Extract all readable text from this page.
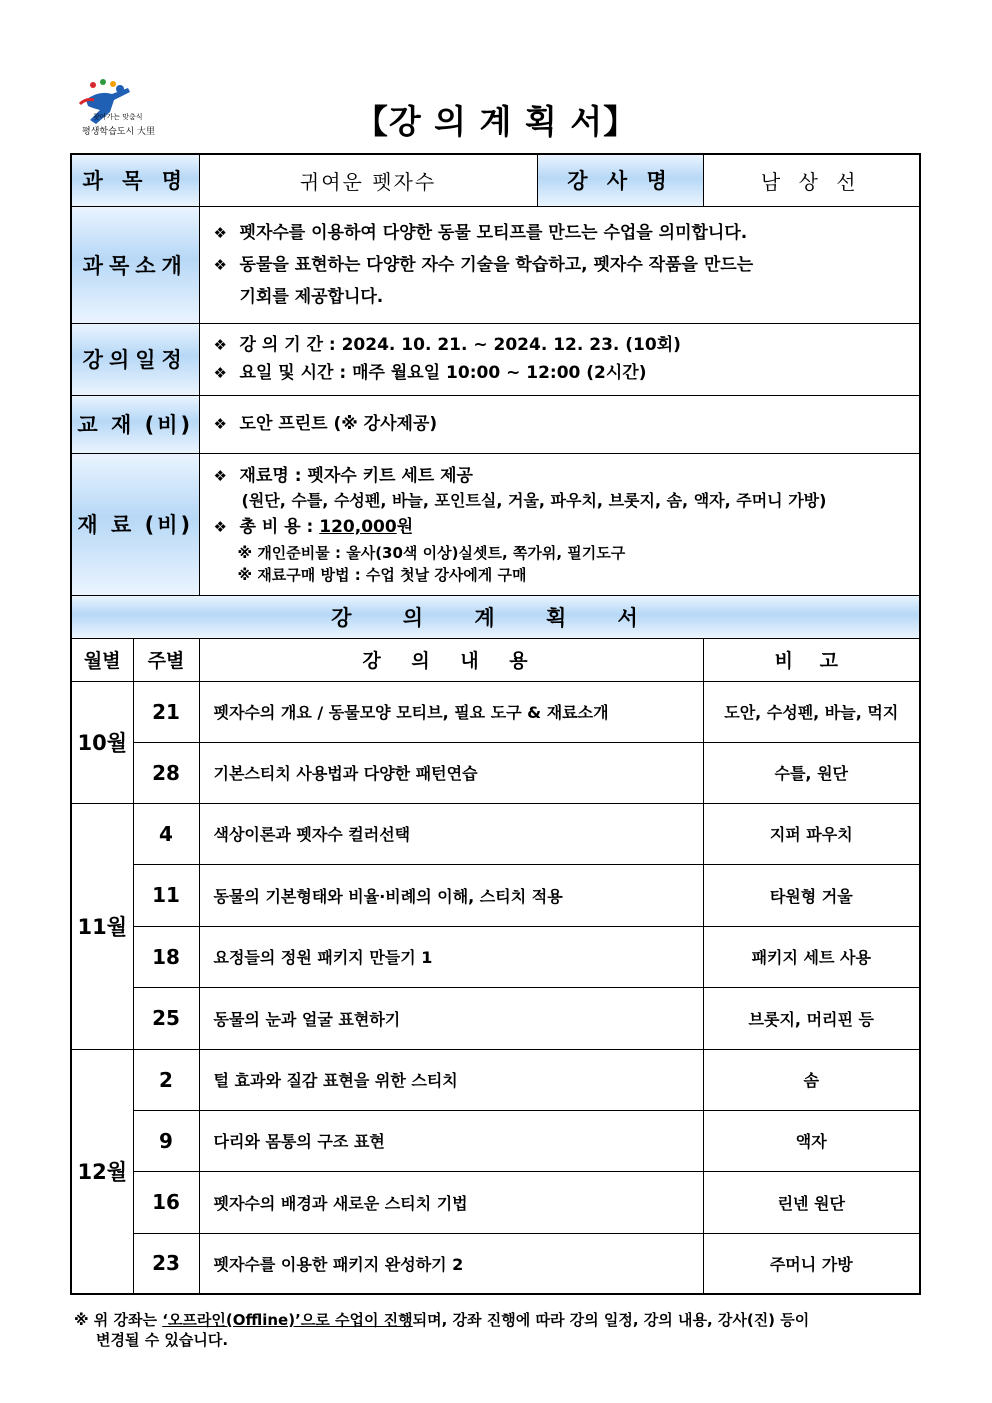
찾아가는 맞춤식
평생학습도시 大里	【강 의 계 획 서】
과 목 명		귀여운 펫자수	강 사 명	남 상 선
과목소개		❖ 펫자수를 이용하여 다양한 동물 모티프를 만드는 수업을 의미합니다.
❖ 동물을 표현하는 다양한 자수 기술을 학습하고, 펫자수 작품을 만드는
기회를 제공합니다.		

강의일정		❖ 강 의 기 간 : 2024. 10. 21. ~ 2024. 12. 23. (10회)
❖ 요일 및 시간 : 매주 월요일 10:00 ~ 12:00 (2시간)		

교 재 (비)		❖ 도안 프린트 (※ 강사제공)		

재 료 (비)		❖ 재료명 : 펫자수 키트 세트 제공
(원단, 수틀, 수성펜, 바늘, 포인트실, 거울, 파우치, 브롯지, 솜, 액자, 주머니 가방)
❖ 총 비 용 : 120,000원
※ 개인준비물 : 울사(30색 이상)실셋트, 쪽가위, 필기도구
※ 재료구매 방법 : 수업 첫날 강사에게 구매		

강 의 계 획 서				
월별	주별	강 의 내 용		비 고
10월	21	펫자수의 개요 / 동물모양 모티브, 필요 도구 & 재료소개		도안, 수성펜, 바늘, 먹지
	28	기본스티치 사용법과 다양한 패턴연습		수틀, 원단
11월	4	색상이론과 펫자수 컬러선택		지퍼 파우치
	11	동물의 기본형태와 비율·비례의 이해, 스티치 적용		타원형 거울
	18	요정들의 정원 패키지 만들기 1		패키지 세트 사용
	25	동물의 눈과 얼굴 표현하기		브롯지, 머리핀 등
12월	2	털 효과와 질감 표현을 위한 스티치		솜
	9	다리와 몸통의 구조 표현		액자
	16	펫자수의 배경과 새로운 스티치 기법		린넨 원단
	23	펫자수를 이용한 패키지 완성하기 2		주머니 가방
※ 위 강좌는 ‘오프라인(Offline)’으로 수업이 진행되며, 강좌 진행에 따라 강의 일정, 강의 내용, 강사(진) 등이
변경될 수 있습니다.
